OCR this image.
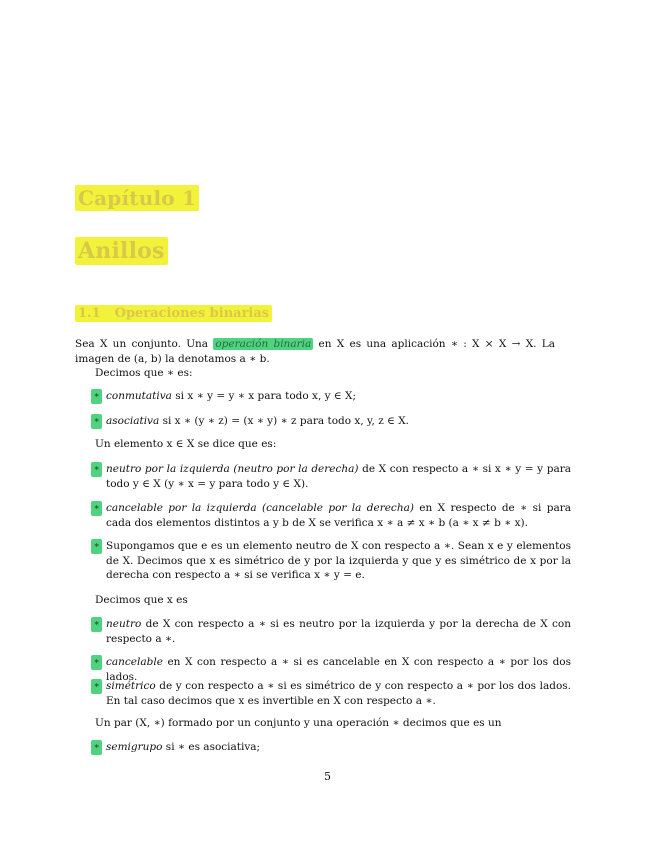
Capítulo 1
Anillos
1.1 Operaciones binarias
Sea X un conjunto. Una operación binaria en X es una aplicación ∗ : X × X → X. La imagen de (a, b) la denotamos a ∗ b.
Decimos que ∗ es:
∗ conmutativa si x ∗ y = y ∗ x para todo x, y ∈ X;
∗ asociativa si x ∗ (y ∗ z) = (x ∗ y) ∗ z para todo x, y, z ∈ X.
Un elemento x ∈ X se dice que es:
∗ neutro por la izquierda (neutro por la derecha) de X con respecto a ∗ si x ∗ y = y para todo y ∈ X (y ∗ x = y para todo y ∈ X).
∗ cancelable por la izquierda (cancelable por la derecha) en X respecto de ∗ si para cada dos elementos distintos a y b de X se verifica x ∗ a ≠ x ∗ b (a ∗ x ≠ b ∗ x).
∗ Supongamos que e es un elemento neutro de X con respecto a ∗. Sean x e y elementos de X. Decimos que x es simétrico de y por la izquierda y que y es simétrico de x por la derecha con respecto a ∗ si se verifica x ∗ y = e.
Decimos que x es
∗ neutro de X con respecto a ∗ si es neutro por la izquierda y por la derecha de X con respecto a ∗.
∗ cancelable en X con respecto a ∗ si es cancelable en X con respecto a ∗ por los dos lados.
∗ simétrico de y con respecto a ∗ si es simétrico de y con respecto a ∗ por los dos lados. En tal caso decimos que x es invertible en X con respecto a ∗.
Un par (X, ∗) formado por un conjunto y una operación ∗ decimos que es un
∗ semigrupo si ∗ es asociativa;
5
